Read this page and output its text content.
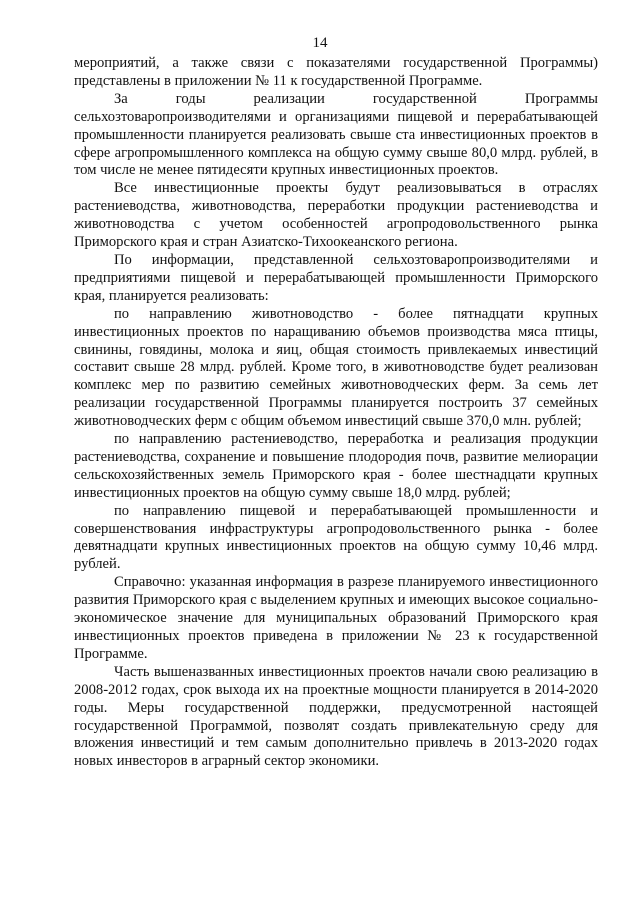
14

мероприятий, а также связи с показателями государственной Программы) представлены в приложении № 11 к государственной Программе.

За годы реализации государственной Программы сельхозтоваропроизводителями и организациями пищевой и перерабатывающей промышленности планируется реализовать свыше ста инвестиционных проектов в сфере агропромышленного комплекса на общую сумму свыше 80,0 млрд. рублей, в том числе не менее пятидесяти крупных инвестиционных проектов.

Все инвестиционные проекты будут реализовываться в отраслях растениеводства, животноводства, переработки продукции растениеводства и животноводства с учетом особенностей агропродовольственного рынка Приморского края и стран Азиатско-Тихоокеанского региона.

По информации, представленной сельхозтоваропроизводителями и предприятиями пищевой и перерабатывающей промышленности Приморского края, планируется реализовать:

по направлению животноводство - более пятнадцати крупных инвестиционных проектов по наращиванию объемов производства мяса птицы, свинины, говядины, молока и яиц, общая стоимость привлекаемых инвестиций составит свыше 28 млрд. рублей. Кроме того, в животноводстве будет реализован комплекс мер по развитию семейных животноводческих ферм. За семь лет реализации государственной Программы планируется построить 37 семейных животноводческих ферм с общим объемом инвестиций свыше 370,0 млн. рублей;

по направлению растениеводство, переработка и реализация продукции растениеводства, сохранение и повышение плодородия почв, развитие мелиорации сельскохозяйственных земель Приморского края - более шестнадцати крупных инвестиционных проектов на общую сумму свыше 18,0 млрд. рублей;

по направлению пищевой и перерабатывающей промышленности и совершенствования инфраструктуры агропродовольственного рынка - более девятнадцати крупных инвестиционных проектов на общую сумму 10,46 млрд. рублей.

Справочно: указанная информация в разрезе планируемого инвестиционного развития Приморского края с выделением крупных и имеющих высокое социально-экономическое значение для муниципальных образований Приморского края инвестиционных проектов приведена в приложении № 23 к государственной Программе.

Часть вышеназванных инвестиционных проектов начали свою реализацию в 2008-2012 годах, срок выхода их на проектные мощности планируется в 2014-2020 годы. Меры государственной поддержки, предусмотренной настоящей государственной Программой, позволят создать привлекательную среду для вложения инвестиций и тем самым дополнительно привлечь в 2013-2020 годах новых инвесторов в аграрный сектор экономики.
